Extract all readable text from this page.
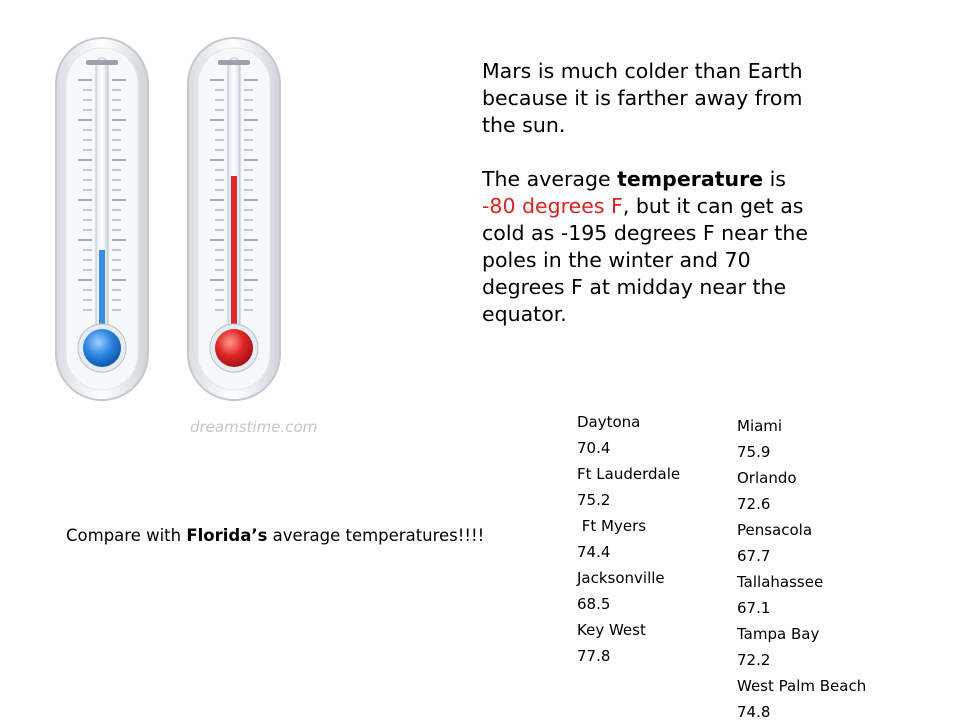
dreamstime.com

Mars is much colder than Earth because it is farther away from the sun.

The average temperature is -80 degrees F, but it can get as cold as -195 degrees F near the poles in the winter and 70 degrees F at midday near the equator.

Compare with Florida’s average temperatures!!!!
Daytona
70.4
Ft Lauderdale
75.2
Ft Myers
74.4
Jacksonville
68.5
Key West
77.8
Miami
75.9
Orlando
72.6
Pensacola
67.7
Tallahassee
67.1
Tampa Bay
72.2
West Palm Beach
74.8
